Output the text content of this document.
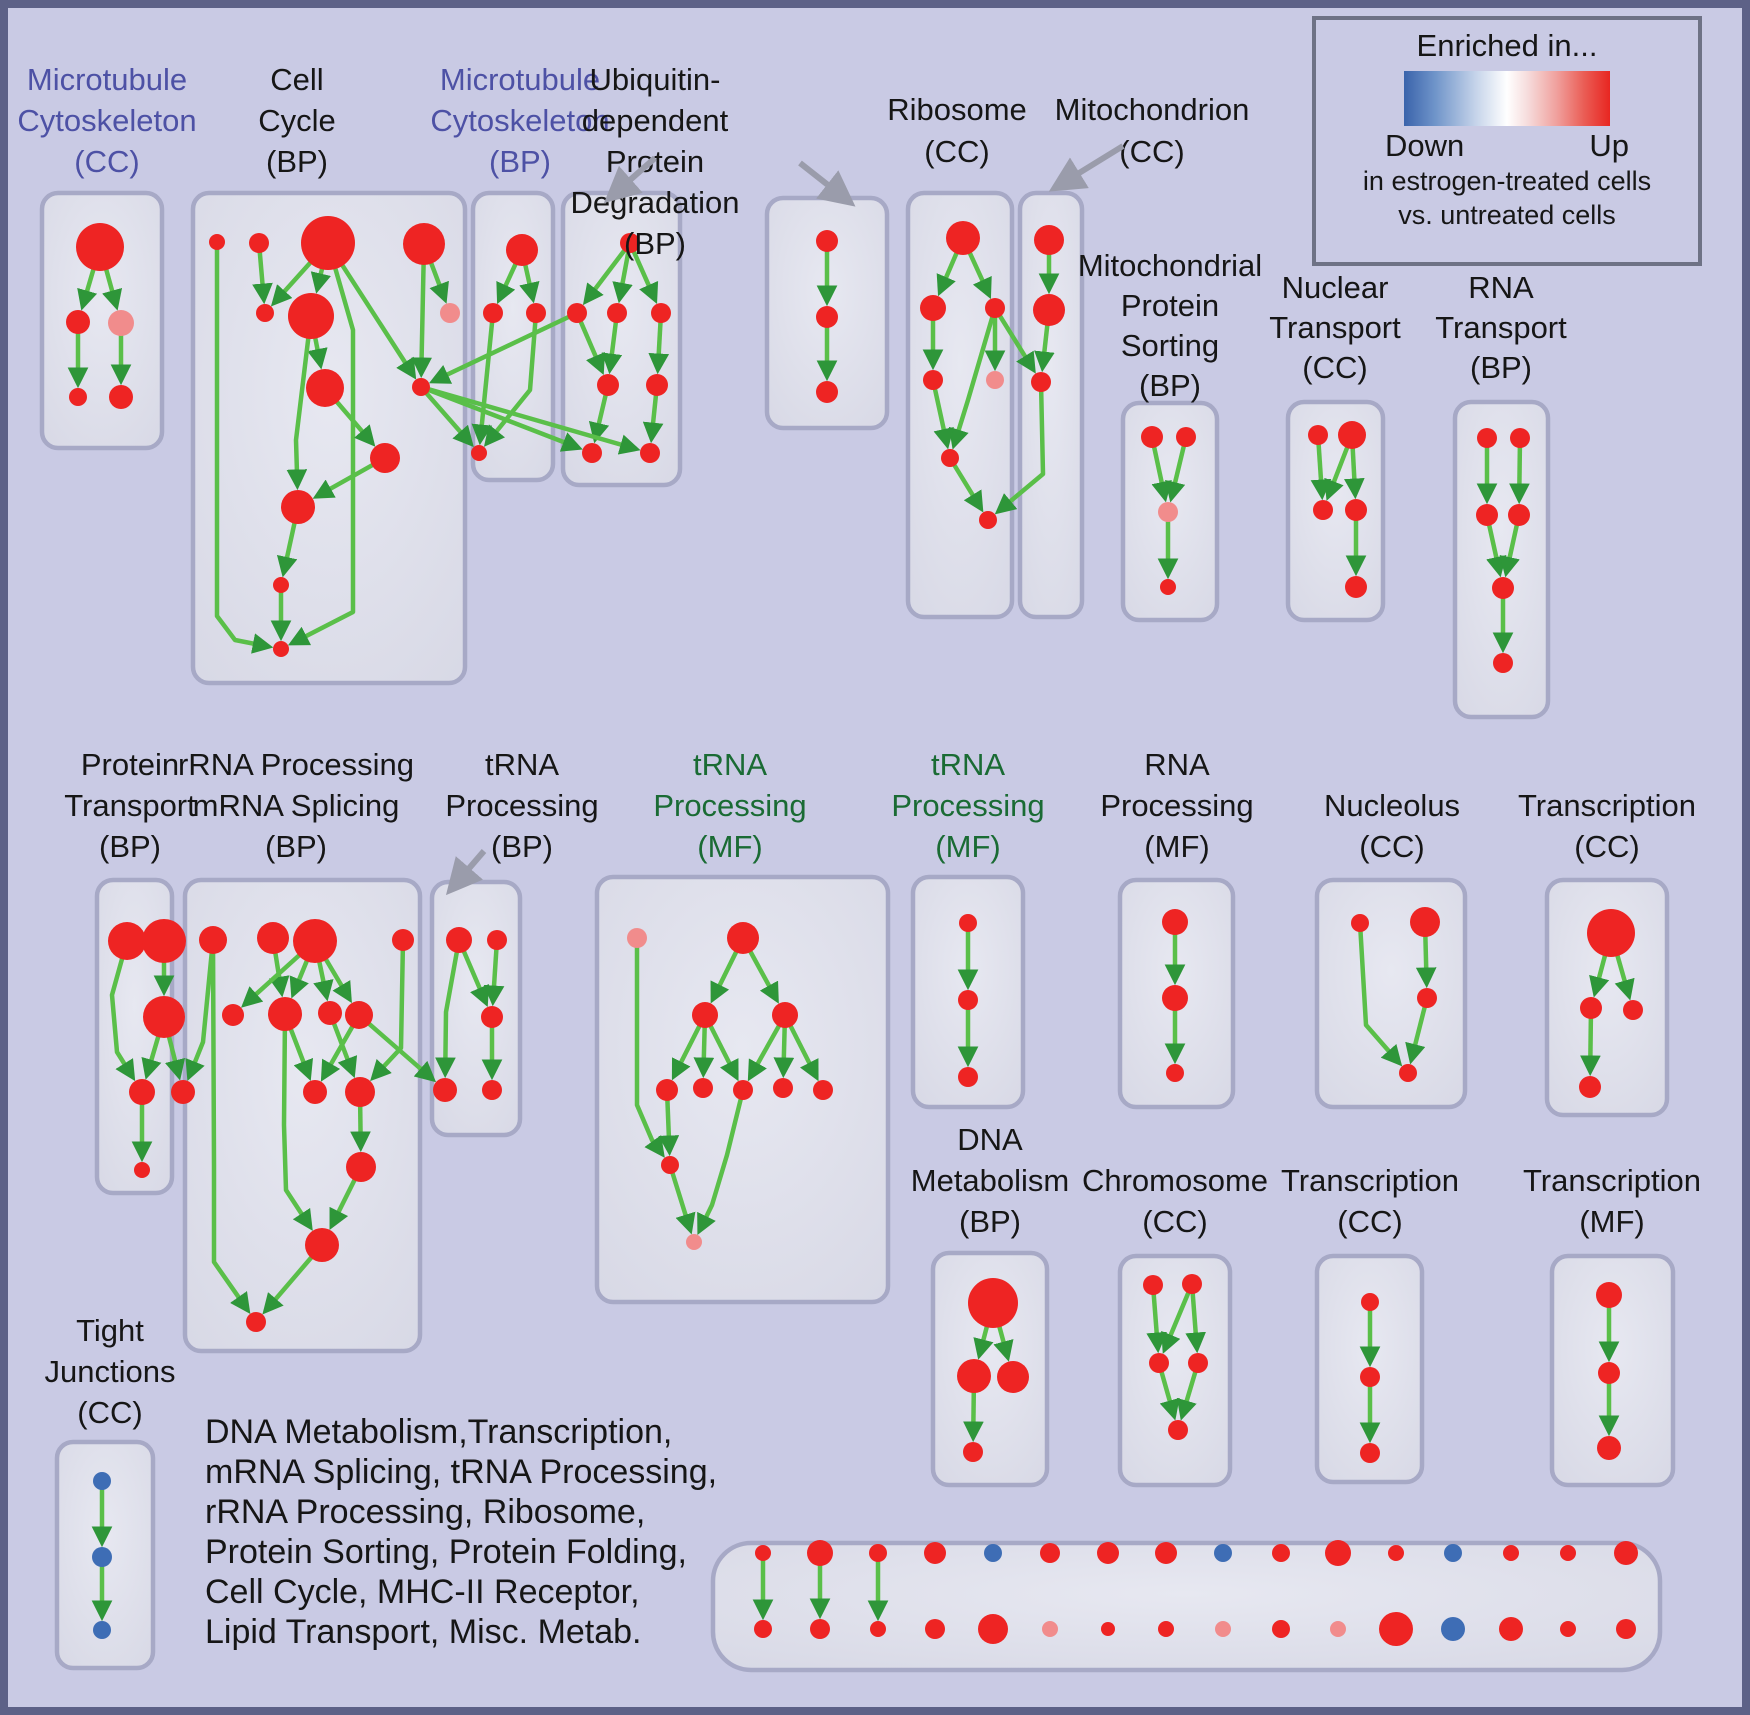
Microtubule Cytoskeleton (CC)
Cell Cycle (BP)
Microtubule Cytoskeleton (BP)
Ubiquitin-dependent Protein Degradation (BP)
Ribosome (CC)
Mitochondrion (CC)
Mitochondrial Protein Sorting (BP)
Nuclear Transport (CC)
RNA Transport (BP)
Protein Transport (BP)
rRNA Processing mRNA Splicing (BP)
tRNA Processing (BP)
tRNA Processing (MF)
tRNA Processing (MF)
RNA Processing (MF)
Nucleolus (CC)
Transcription (CC)
DNA Metabolism (BP)
Chromosome (CC)
Transcription (CC)
Transcription (MF)
Tight Junctions (CC)
Enriched in...
Down	Up
in estrogen-treated cells
vs. untreated cells
DNA Metabolism,Transcription,
mRNA Splicing, tRNA Processing,
rRNA Processing, Ribosome,
Protein Sorting, Protein Folding,
Cell Cycle, MHC-II Receptor,
Lipid Transport, Misc. Metab.
